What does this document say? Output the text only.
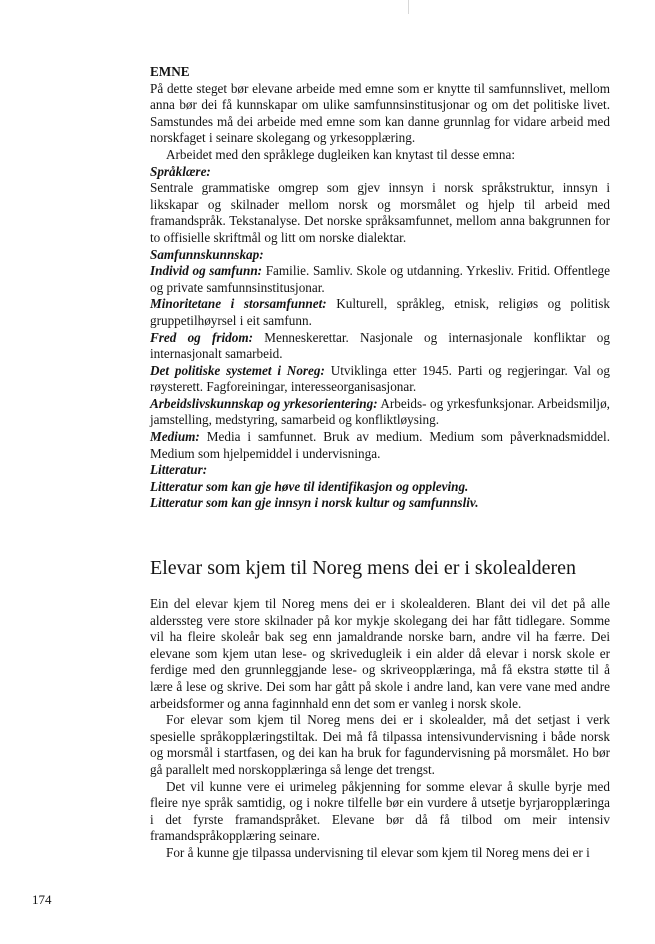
EMNE

På dette steget bør elevane arbeide med emne som er knytte til samfunnslivet, mellom anna bør dei få kunnskapar om ulike samfunnsinstitusjonar og om det politiske livet. Samstundes må dei arbeide med emne som kan danne grunnlag for vidare arbeid med norskfaget i seinare skolegang og yrkesopplæring.

Arbeidet med den språklege dugleiken kan knytast til desse emna:

Språklære:

Sentrale grammatiske omgrep som gjev innsyn i norsk språkstruktur, innsyn i likskapar og skilnader mellom norsk og morsmålet og hjelp til arbeid med framandspråk. Tekstanalyse. Det norske språksamfunnet, mellom anna bakgrunnen for to offisielle skriftmål og litt om norske dialektar.

Samfunnskunnskap:

Individ og samfunn: Familie. Samliv. Skole og utdanning. Yrkesliv. Fritid. Offentlege og private samfunnsinstitusjonar.

Minoritetane i storsamfunnet: Kulturell, språkleg, etnisk, religiøs og politisk gruppetilhøyrsel i eit samfunn.

Fred og fridom: Menneskerettar. Nasjonale og internasjonale konfliktar og internasjonalt samarbeid.

Det politiske systemet i Noreg: Utviklinga etter 1945. Parti og regjeringar. Val og røysterett. Fagforeiningar, interesseorganisasjonar.

Arbeidslivskunnskap og yrkesorientering: Arbeids- og yrkesfunksjonar. Arbeidsmiljø, jamstelling, medstyring, samarbeid og konfliktløysing.

Medium: Media i samfunnet. Bruk av medium. Medium som påverknadsmiddel. Medium som hjelpemiddel i undervisninga.

Litteratur:

Litteratur som kan gje høve til identifikasjon og oppleving.

Litteratur som kan gje innsyn i norsk kultur og samfunnsliv.

Elevar som kjem til Noreg mens dei er i skolealderen

Ein del elevar kjem til Noreg mens dei er i skolealderen. Blant dei vil det på alle alderssteg vere store skilnader på kor mykje skolegang dei har fått tidlegare. Somme vil ha fleire skoleår bak seg enn jamaldrande norske barn, andre vil ha færre. Dei elevane som kjem utan lese- og skrivedugleik i ein alder då elevar i norsk skole er ferdige med den grunnleggjande lese- og skriveopplæringa, må få ekstra støtte til å lære å lese og skrive. Dei som har gått på skole i andre land, kan vere vane med andre arbeidsformer og anna faginnhald enn det som er vanleg i norsk skole.

For elevar som kjem til Noreg mens dei er i skolealder, må det setjast i verk spesielle språkopplæringstiltak. Dei må få tilpassa intensivundervisning i både norsk og morsmål i startfasen, og dei kan ha bruk for fagundervisning på morsmålet. Ho bør gå parallelt med norskopplæringa så lenge det trengst.

Det vil kunne vere ei urimeleg påkjenning for somme elevar å skulle byrje med fleire nye språk samtidig, og i nokre tilfelle bør ein vurdere å utsetje byrjaropplæringa i det fyrste framandspråket. Elevane bør då få tilbod om meir intensiv framandspråkopplæring seinare.

For å kunne gje tilpassa undervisning til elevar som kjem til Noreg mens dei er i

174
